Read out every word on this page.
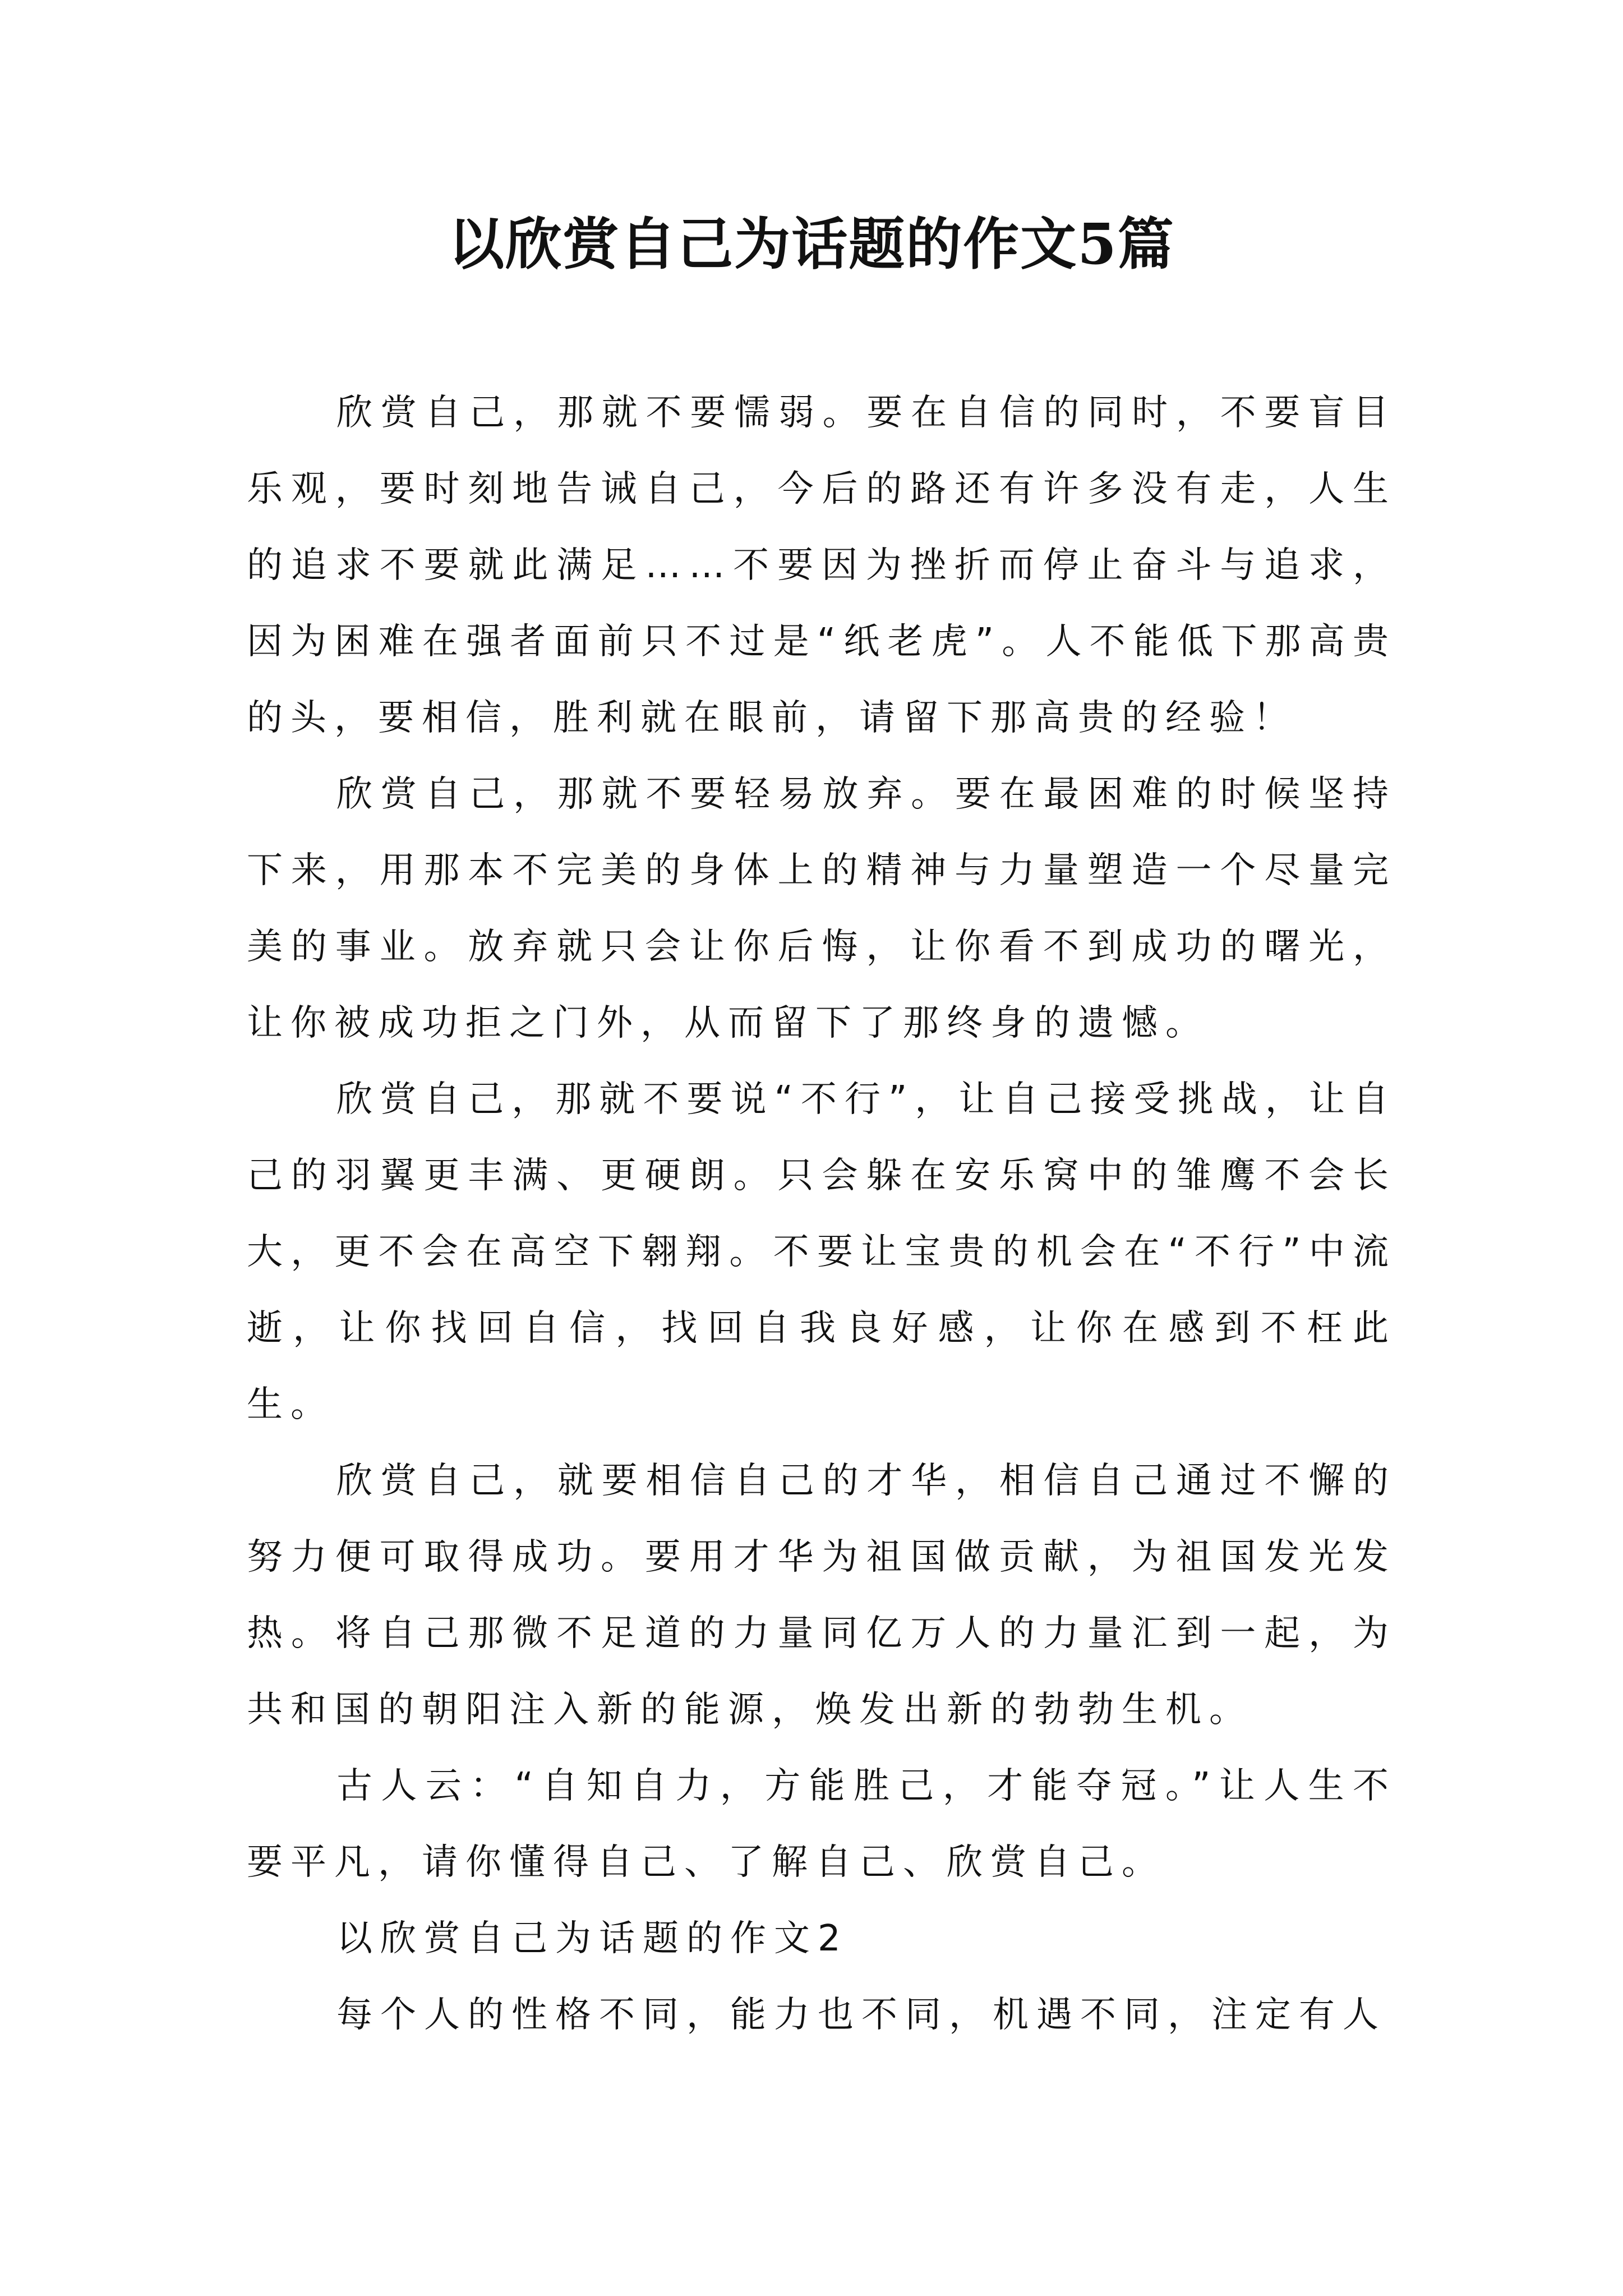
以欣赏自己为话题的作文5篇

欣赏自己，那就不要懦弱。要在自信的同时，不要盲目乐观，要时刻地告诫自己，今后的路还有许多没有走，人生的追求不要就此满足……不要因为挫折而停止奋斗与追求，因为困难在强者面前只不过是“纸老虎”。人不能低下那高贵的头，要相信，胜利就在眼前，请留下那高贵的经验！

欣赏自己，那就不要轻易放弃。要在最困难的时候坚持下来，用那本不完美的身体上的精神与力量塑造一个尽量完美的事业。放弃就只会让你后悔，让你看不到成功的曙光，让你被成功拒之门外，从而留下了那终身的遗憾。

欣赏自己，那就不要说“不行”，让自己接受挑战，让自己的羽翼更丰满、更硬朗。只会躲在安乐窝中的雏鹰不会长大，更不会在高空下翱翔。不要让宝贵的机会在“不行”中流逝，让你找回自信，找回自我良好感，让你在感到不枉此生。

欣赏自己，就要相信自己的才华，相信自己通过不懈的努力便可取得成功。要用才华为祖国做贡献，为祖国发光发热。将自己那微不足道的力量同亿万人的力量汇到一起，为共和国的朝阳注入新的能源，焕发出新的勃勃生机。

古人云：“自知自力，方能胜己，才能夺冠。”让人生不要平凡，请你懂得自己、了解自己、欣赏自己。

以欣赏自己为话题的作文2

每个人的性格不同，能力也不同，机遇不同，注定有人
